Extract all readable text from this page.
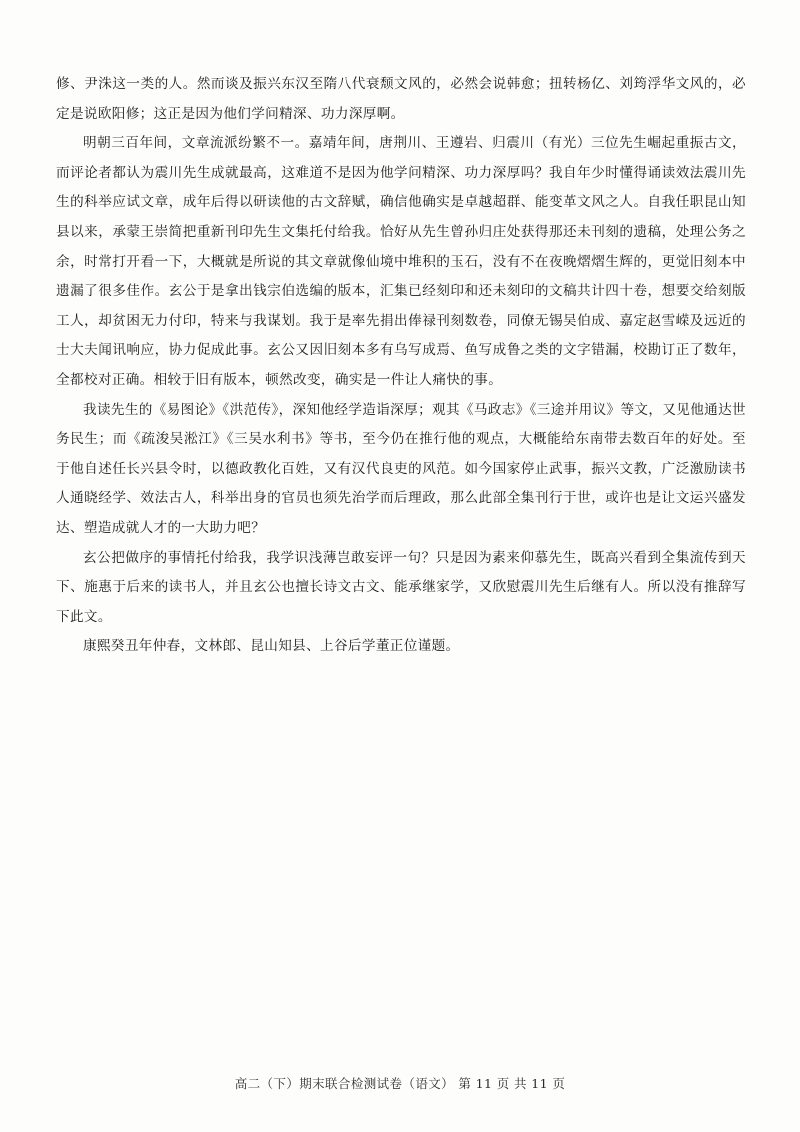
修、尹洙这一类的人。然而谈及振兴东汉至隋八代衰颓文风的，必然会说韩愈；扭转杨亿、刘筠浮华文风的，必定是说欧阳修；这正是因为他们学问精深、功力深厚啊。

明朝三百年间，文章流派纷繁不一。嘉靖年间，唐荆川、王遵岩、归震川（有光）三位先生崛起重振古文，而评论者都认为震川先生成就最高，这难道不是因为他学问精深、功力深厚吗？我自年少时懂得诵读效法震川先生的科举应试文章，成年后得以研读他的古文辞赋，确信他确实是卓越超群、能变革文风之人。自我任职昆山知县以来，承蒙王崇简把重新刊印先生文集托付给我。恰好从先生曾孙归庄处获得那还未刊刻的遗稿，处理公务之余，时常打开看一下，大概就是所说的其文章就像仙境中堆积的玉石，没有不在夜晚熠熠生辉的，更觉旧刻本中遗漏了很多佳作。玄公于是拿出钱宗伯选编的版本，汇集已经刻印和还未刻印的文稿共计四十卷，想要交给刻版工人，却贫困无力付印，特来与我谋划。我于是率先捐出俸禄刊刻数卷，同僚无锡吴伯成、嘉定赵雪嵘及远近的士大夫闻讯响应，协力促成此事。玄公又因旧刻本多有乌写成焉、鱼写成鲁之类的文字错漏，校勘订正了数年，全都校对正确。相较于旧有版本，顿然改变，确实是一件让人痛快的事。

我读先生的《易图论》《洪范传》，深知他经学造诣深厚；观其《马政志》《三途并用议》等文，又见他通达世务民生；而《疏浚吴淞江》《三吴水利书》等书，至今仍在推行他的观点，大概能给东南带去数百年的好处。至于他自述任长兴县令时，以德政教化百姓，又有汉代良吏的风范。如今国家停止武事，振兴文教，广泛激励读书人通晓经学、效法古人，科举出身的官员也须先治学而后理政，那么此部全集刊行于世，或许也是让文运兴盛发达、塑造成就人才的一大助力吧？

玄公把做序的事情托付给我，我学识浅薄岂敢妄评一句？只是因为素来仰慕先生，既高兴看到全集流传到天下、施惠于后来的读书人，并且玄公也擅长诗文古文、能承继家学，又欣慰震川先生后继有人。所以没有推辞写下此文。

康熙癸丑年仲春，文林郎、昆山知县、上谷后学董正位谨题。

高二（下）期末联合检测试卷（语文） 第 11 页 共 11 页
